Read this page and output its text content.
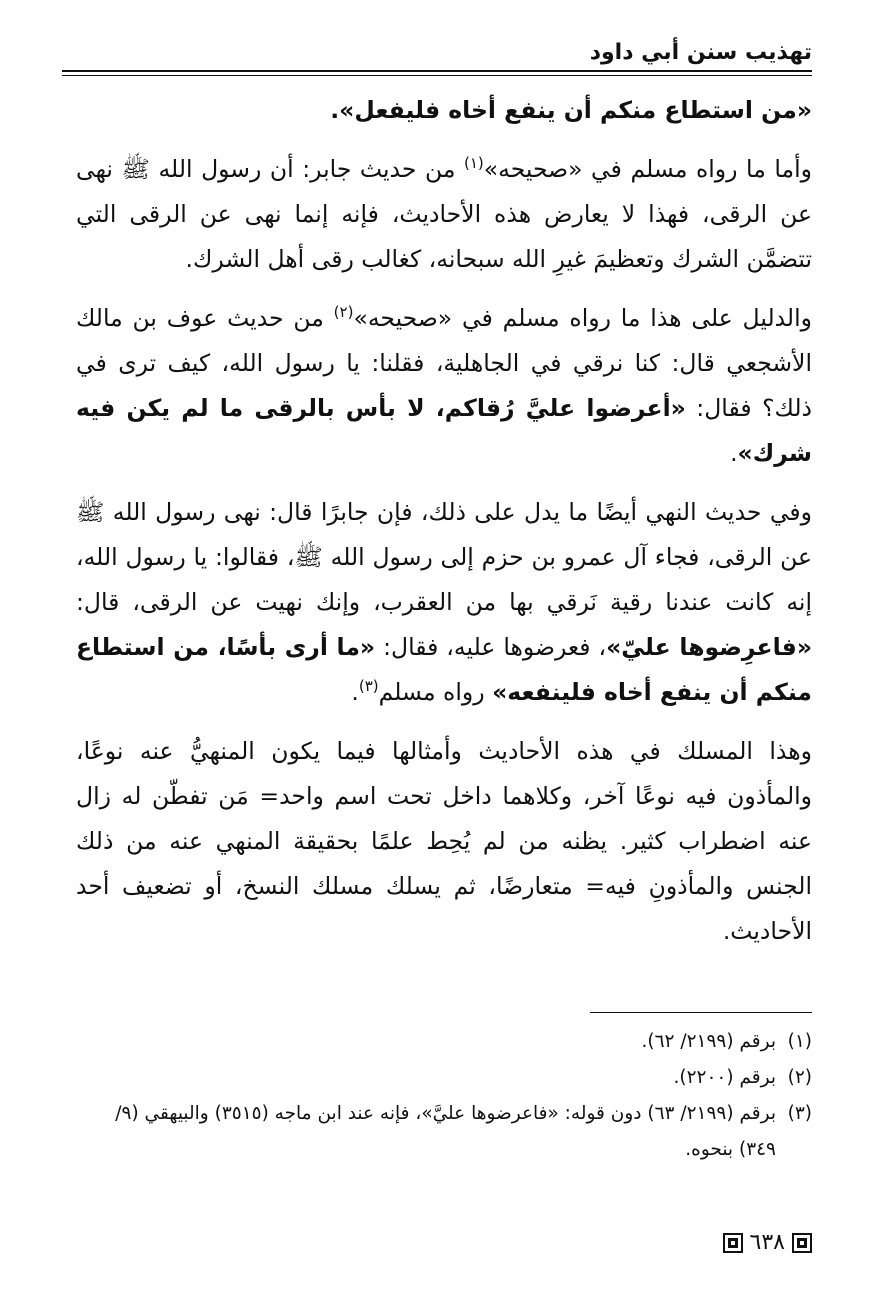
تهذيب سنن أبي داود

«من استطاع منكم أن ينفع أخاه فليفعل».

وأما ما رواه مسلم في «صحيحه»$^{(١)}$ من حديث جابر: أن رسول الله ﷺ نهى عن الرقى، فهذا لا يعارض هذه الأحاديث، فإنه إنما نهى عن الرقى التي تتضمَّن الشرك وتعظيمَ غيرِ الله سبحانه، كغالب رقى أهل الشرك.

والدليل على هذا ما رواه مسلم في «صحيحه»$^{(٢)}$ من حديث عوف بن مالك الأشجعي قال: كنا نرقي في الجاهلية، فقلنا: يا رسول الله، كيف ترى في ذلك؟ فقال: «أعرضوا عليَّ رُقاكم، لا بأس بالرقى ما لم يكن فيه شرك».

وفي حديث النهي أيضًا ما يدل على ذلك، فإن جابرًا قال: نهى رسول الله ﷺ عن الرقى، فجاء آل عمرو بن حزم إلى رسول الله ﷺ، فقالوا: يا رسول الله، إنه كانت عندنا رقية نَرقي بها من العقرب، وإنك نهيت عن الرقى، قال: «فاعرِضوها عليّ»، فعرضوها عليه، فقال: «ما أرى بأسًا، من استطاع منكم أن ينفع أخاه فلينفعه» رواه مسلم$^{(٣)}$.

وهذا المسلك في هذه الأحاديث وأمثالها فيما يكون المنهيُّ عنه نوعًا، والمأذون فيه نوعًا آخر، وكلاهما داخل تحت اسم واحد= مَن تفطّن له زال عنه اضطراب كثير. يظنه من لم يُحِط علمًا بحقيقة المنهي عنه من ذلك الجنس والمأذونِ فيه= متعارضًا، ثم يسلك مسلك النسخ، أو تضعيف أحد الأحاديث.

(١)برقم (٢١٩٩/ ٦٢).
(٢)برقم (٢٢٠٠).
(٣)برقم (٢١٩٩/ ٦٣) دون قوله: «فاعرضوها عليَّ»، فإنه عند ابن ماجه (٣٥١٥) والبيهقي (٩/ ٣٤٩) بنحوه.
٦٣٨
